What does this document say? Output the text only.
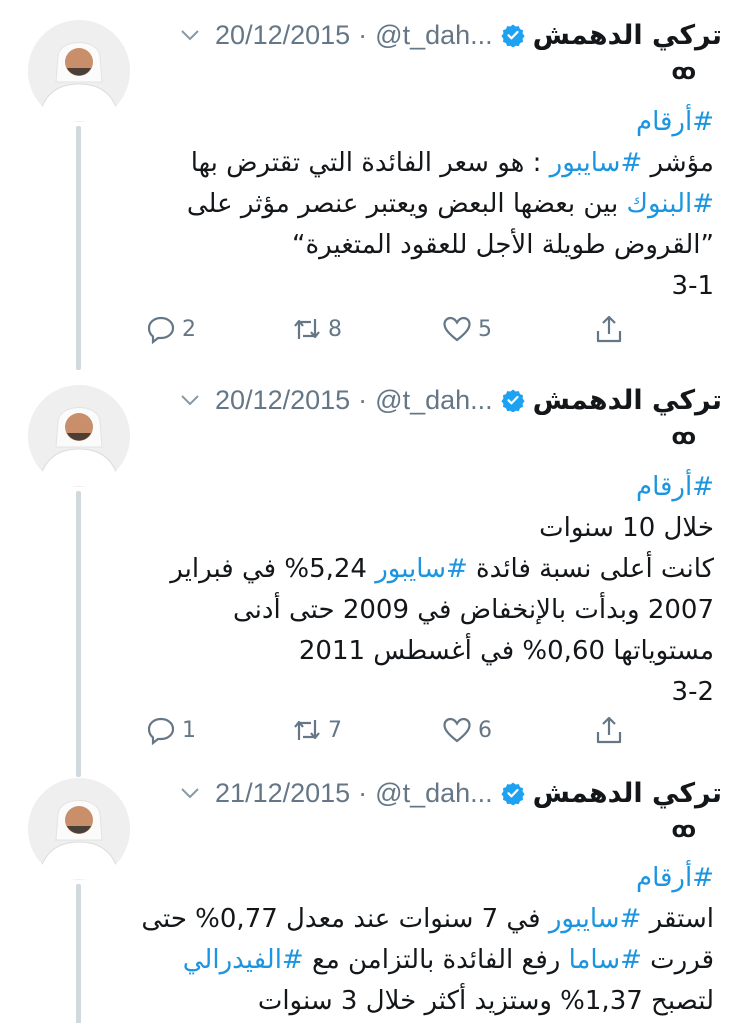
تركي الدهمش
@t_dah...
·
20/12/2015
ꝏ
#أرقام
مؤشر #سايبور : هو سعر الفائدة التي تقترض بها
#البنوك بين بعضها البعض ويعتبر عنصر مؤثر على
”القروض طويلة الأجل للعقود المتغيرة“
3-1
2	8	5
تركي الدهمش
@t_dah...
·
20/12/2015
ꝏ
#أرقام
خلال 10 سنوات
كانت أعلى نسبة فائدة #سايبور 5,24% في فبراير
2007 وبدأت بالإنخفاض في 2009 حتى أدنى
مستوياتها 0,60% في أغسطس 2011
3-2
1	7	6
تركي الدهمش
@t_dah...
·
21/12/2015
ꝏ
#أرقام
استقر #سايبور في 7 سنوات عند معدل 0,77% حتى
قررت #ساما رفع الفائدة بالتزامن مع #الفيدرالي
لتصبح 1,37% وستزيد أكثر خلال 3 سنوات
